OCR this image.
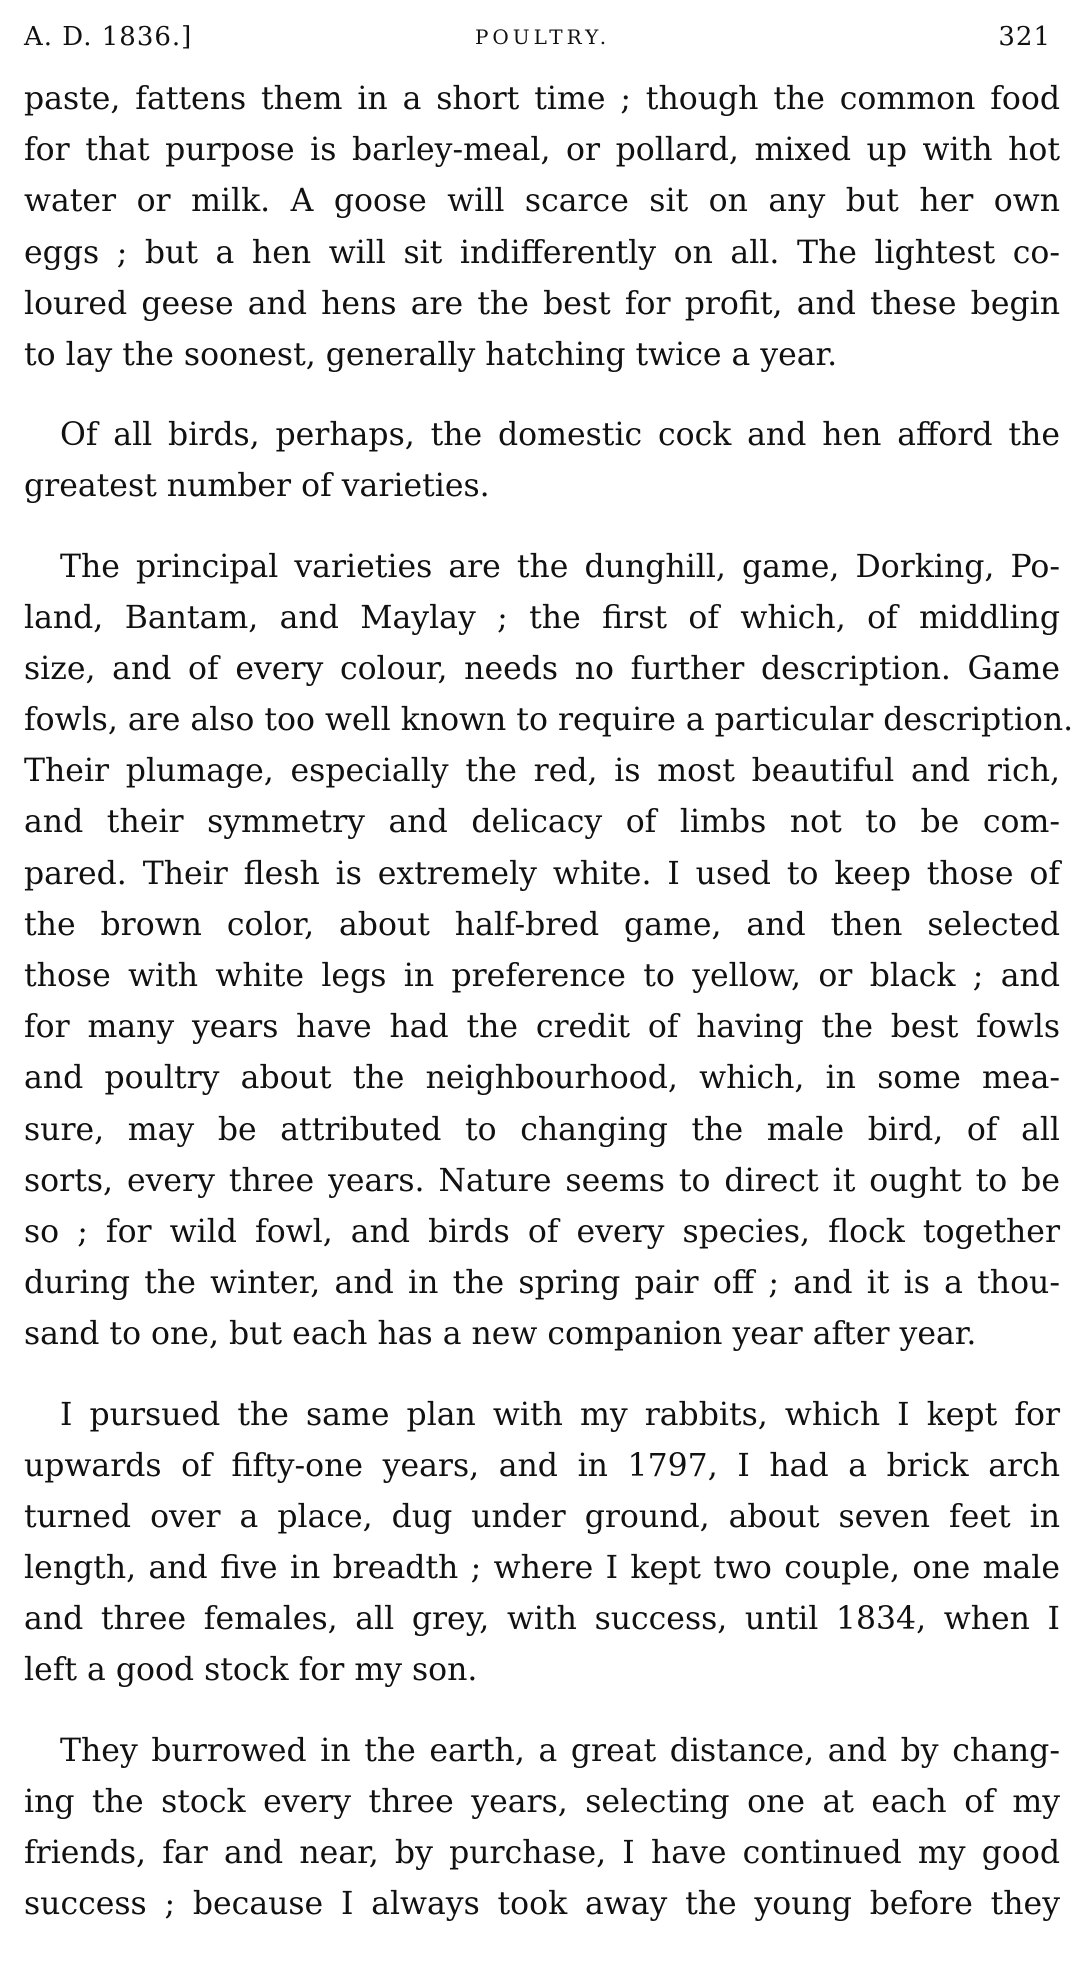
A. D. 1836.]	POULTRY.	321
paste, fattens them in a short time ; though the common food
for that purpose is barley-meal, or pollard, mixed up with hot
water or milk. A goose will scarce sit on any but her own
eggs ; but a hen will sit indifferently on all. The lightest co-
loured geese and hens are the best for profit, and these begin
to lay the soonest, generally hatching twice a year.
Of all birds, perhaps, the domestic cock and hen afford the
greatest number of varieties.
The principal varieties are the dunghill, game, Dorking, Po-
land, Bantam, and Maylay ; the first of which, of middling
size, and of every colour, needs no further description. Game
fowls, are also too well known to require a particular description.
Their plumage, especially the red, is most beautiful and rich,
and their symmetry and delicacy of limbs not to be com-
pared. Their flesh is extremely white. I used to keep those of
the brown color, about half-bred game, and then selected
those with white legs in preference to yellow, or black ; and
for many years have had the credit of having the best fowls
and poultry about the neighbourhood, which, in some mea-
sure, may be attributed to changing the male bird, of all
sorts, every three years. Nature seems to direct it ought to be
so ; for wild fowl, and birds of every species, flock together
during the winter, and in the spring pair off ; and it is a thou-
sand to one, but each has a new companion year after year.
I pursued the same plan with my rabbits, which I kept for
upwards of fifty-one years, and in 1797, I had a brick arch
turned over a place, dug under ground, about seven feet in
length, and five in breadth ; where I kept two couple, one male
and three females, all grey, with success, until 1834, when I
left a good stock for my son.
They burrowed in the earth, a great distance, and by chang-
ing the stock every three years, selecting one at each of my
friends, far and near, by purchase, I have continued my good
success ; because I always took away the young before they
